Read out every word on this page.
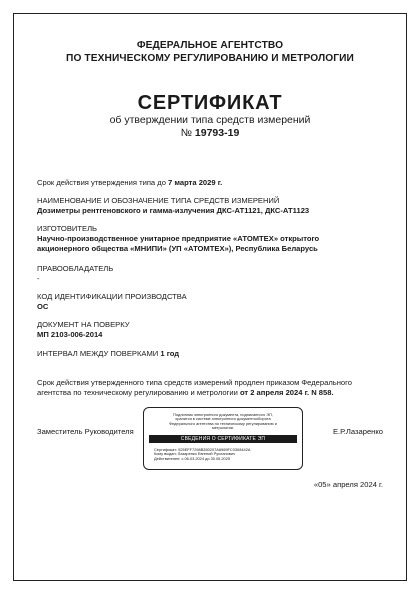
ФЕДЕРАЛЬНОЕ АГЕНТСТВО
ПО ТЕХНИЧЕСКОМУ РЕГУЛИРОВАНИЮ И МЕТРОЛОГИИ
СЕРТИФИКАТ
об утверждении типа средств измерений
№ 19793-19
Срок действия утверждения типа до 7 марта 2029 г.
НАИМЕНОВАНИЕ И ОБОЗНАЧЕНИЕ ТИПА СРЕДСТВ ИЗМЕРЕНИЙ
Дозиметры рентгеновского и гамма-излучения ДКС-АТ1121, ДКС-АТ1123
ИЗГОТОВИТЕЛЬ
Научно-производственное унитарное предприятие «АТОМТЕХ» открытого
акционерного общества «МНИПИ» (УП «АТОМТЕХ»), Республика Беларусь
ПРАВООБЛАДАТЕЛЬ
-
КОД ИДЕНТИФИКАЦИИ ПРОИЗВОДСТВА
ОС
ДОКУМЕНТ НА ПОВЕРКУ
МП 2103-006-2014
ИНТЕРВАЛ МЕЖДУ ПОВЕРКАМИ 1 год
Срок действия утвержденного типа средств измерений продлен приказом Федерального
агентства по техническому регулированию и метрологии от 2 апреля 2024 г. N 858.
Заместитель Руководителя	Е.Р.Лазаренко
Подлинник электронного документа, подписанного ЭП,
хранится в системе электронного документооборота
Федерального агентства по техническому регулированию и
метрологии.
СВЕДЕНИЯ О СЕРТИФИКАТЕ ЭП
Сертификат: 525EFF7298B350207A6969FC0308442A
Кому выдан: Лазаренко Евгений Русланович
Действителен: с 06.03.2024 до 30.05.2025
«05» апреля 2024 г.
